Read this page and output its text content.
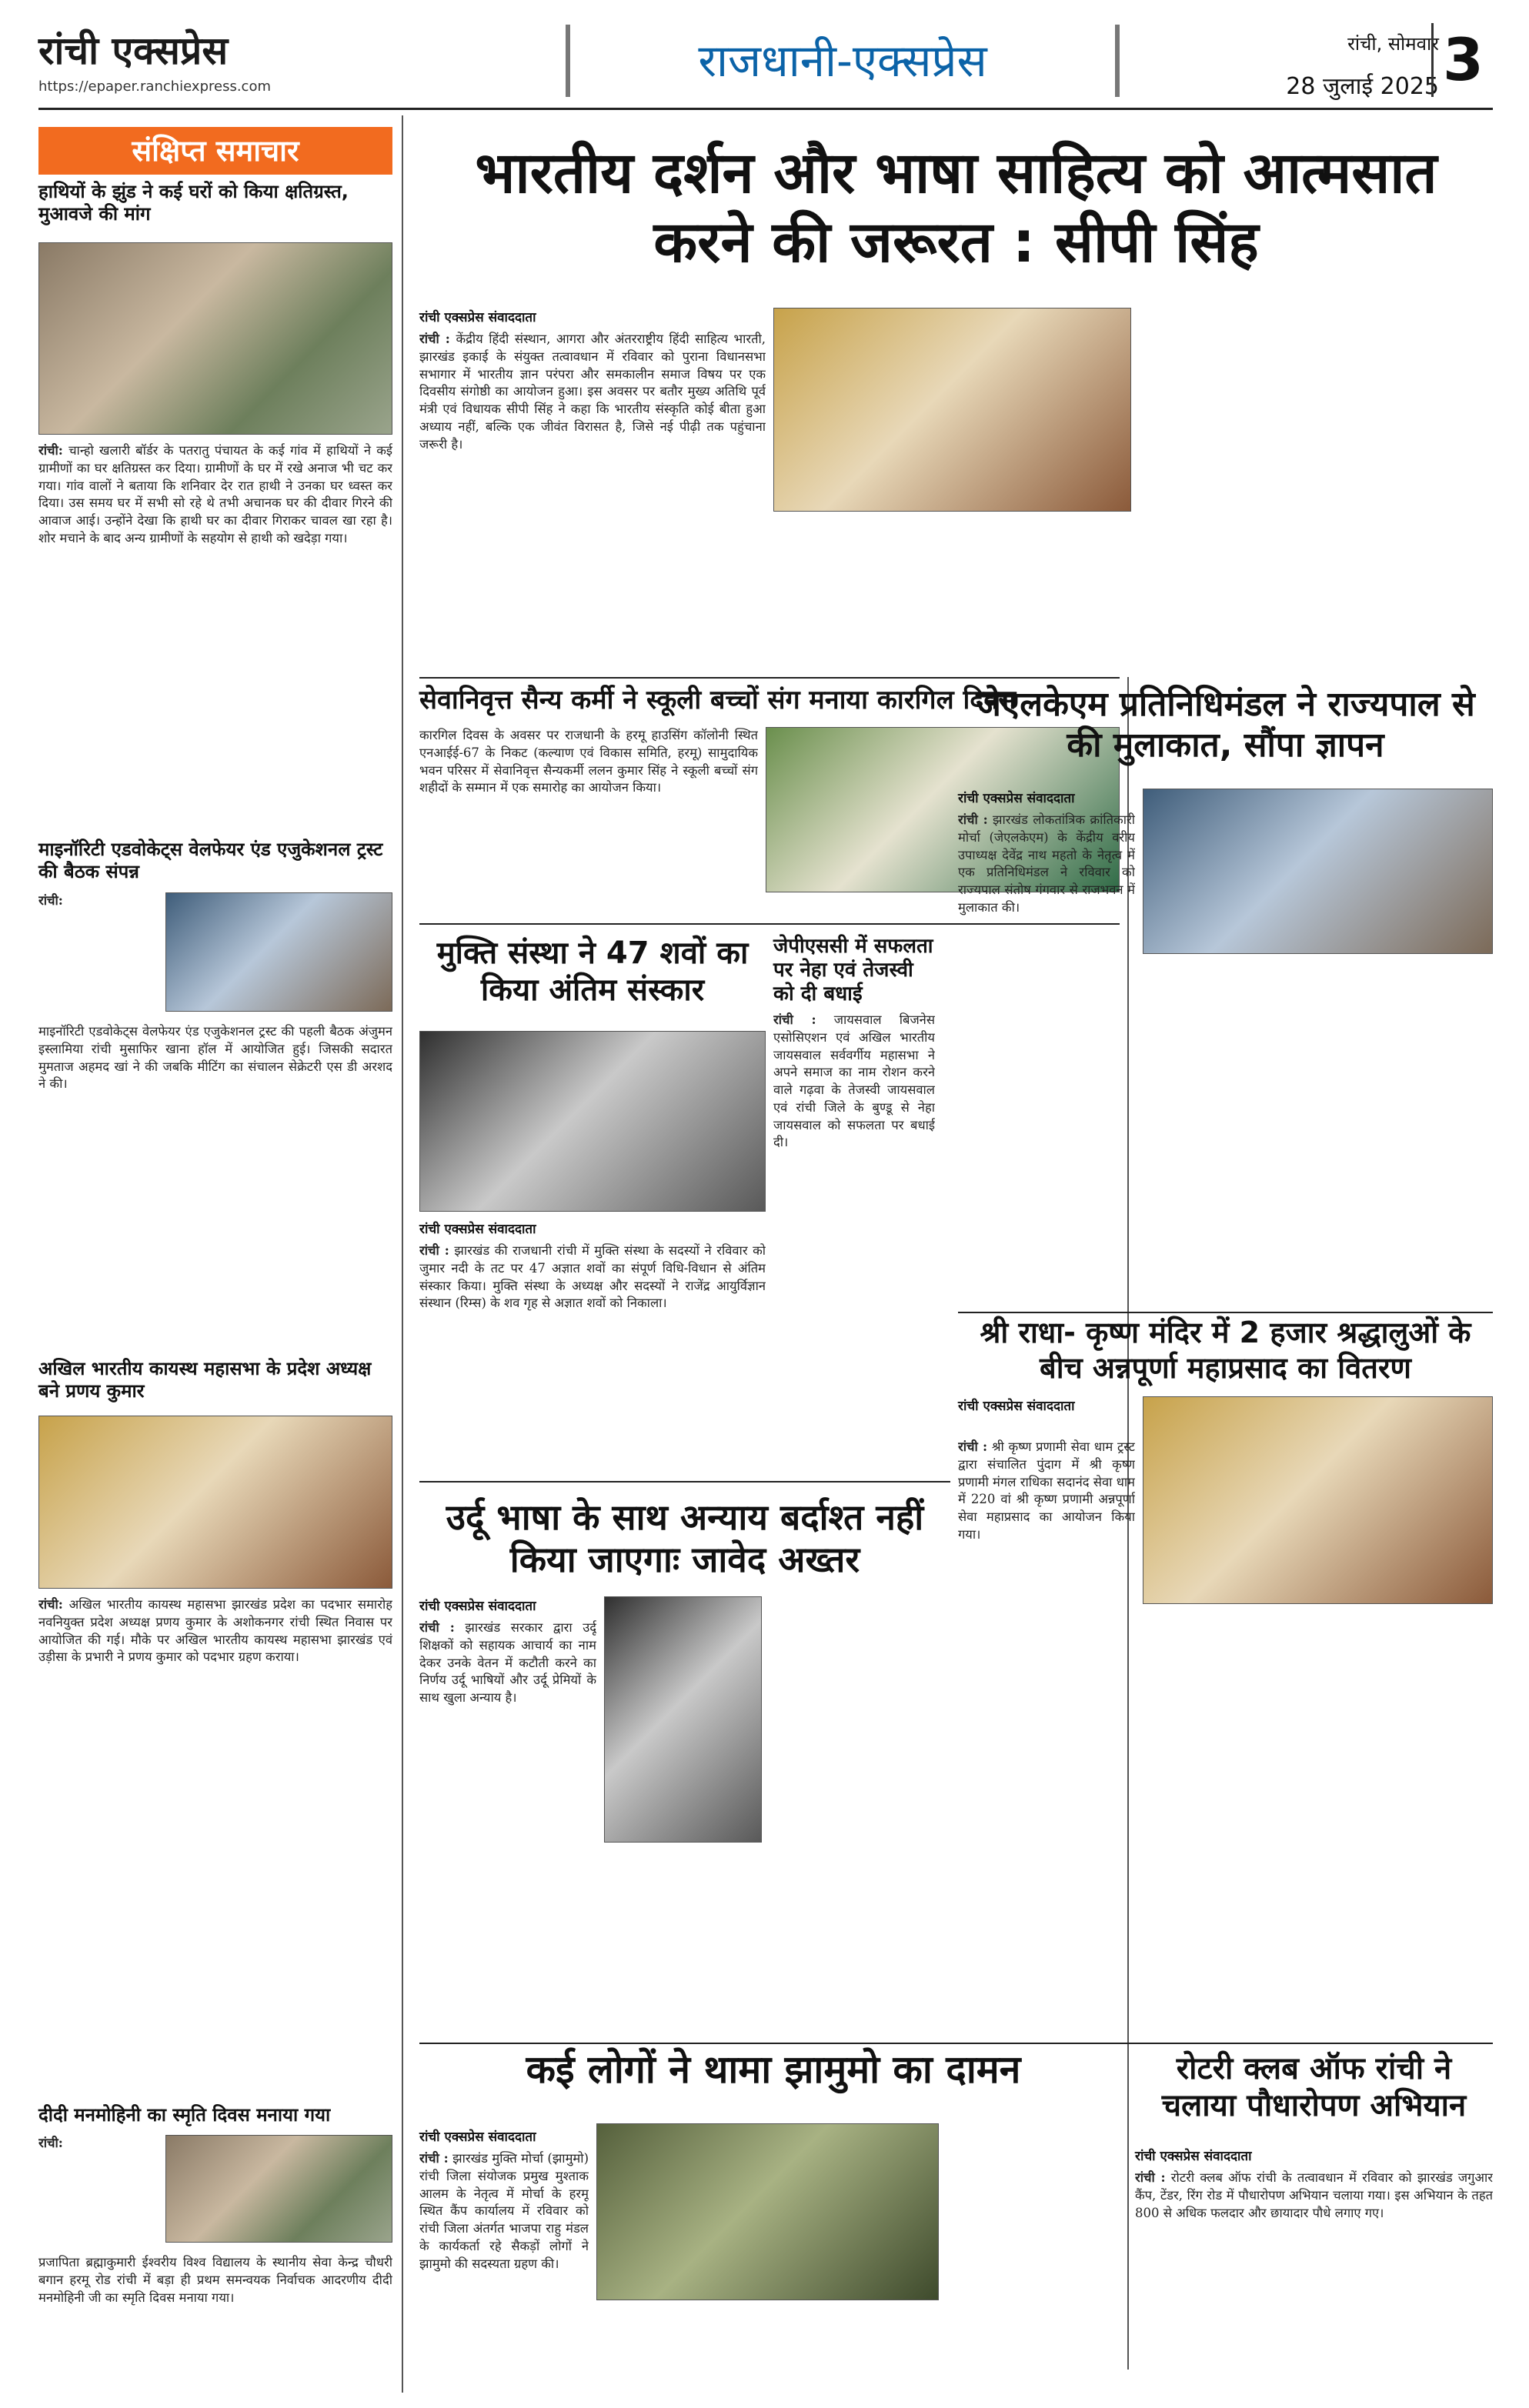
रांची एक्सप्रेस
https://epaper.ranchiexpress.com	राजधानी-एक्सप्रेस	रांची, सोमवार
28 जुलाई 2025 3
संक्षिप्त समाचार
हाथियों के झुंड ने कई घरों को किया क्षतिग्रस्त, मुआवजे की मांग
रांची: चान्हो खलारी बॉर्डर के पतरातु पंचायत के कई गांव में हाथियों ने कई ग्रामीणों का घर क्षतिग्रस्त कर दिया। ग्रामीणों के घर में रखे अनाज भी चट कर गया। गांव वालों ने बताया कि शनिवार देर रात हाथी ने उनका घर ध्वस्त कर दिया। उस समय घर में सभी सो रहे थे तभी अचानक घर की दीवार गिरने की आवाज आई। उन्होंने देखा कि हाथी घर का दीवार गिराकर चावल खा रहा है। शोर मचाने के बाद अन्य ग्रामीणों के सहयोग से हाथी को खदेड़ा गया।
माइनॉरिटी एडवोकेट्स वेलफेयर एंड एजुकेशनल ट्रस्ट की बैठक संपन्न
रांची:
माइनॉरिटी एडवोकेट्स वेलफेयर एंड एजुकेशनल ट्रस्ट की पहली बैठक अंजुमन इस्लामिया रांची मुसाफिर खाना हॉल में आयोजित हुई। जिसकी सदारत मुमताज अहमद खां ने की जबकि मीटिंग का संचालन सेक्रेटरी एस डी अरशद ने की।
अखिल भारतीय कायस्थ महासभा के प्रदेश अध्यक्ष बने प्रणय कुमार
रांची: अखिल भारतीय कायस्थ महासभा झारखंड प्रदेश का पदभार समारोह नवनियुक्त प्रदेश अध्यक्ष प्रणय कुमार के अशोकनगर रांची स्थित निवास पर आयोजित की गई। मौके पर अखिल भारतीय कायस्थ महासभा झारखंड एवं उड़ीसा के प्रभारी ने प्रणय कुमार को पदभार ग्रहण कराया।
दीदी मनमोहिनी का स्मृति दिवस मनाया गया
रांची:
प्रजापिता ब्रह्माकुमारी ईश्वरीय विश्व विद्यालय के स्थानीय सेवा केन्द्र चौधरी बगान हरमू रोड रांची में बड़ा ही प्रथम समन्वयक निर्वाचक आदरणीय दीदी मनमोहिनी जी का स्मृति दिवस मनाया गया।
भारतीय दर्शन और भाषा साहित्य को आत्मसात करने की जरूरत : सीपी सिंह
रांची एक्सप्रेस संवाददाता
रांची : केंद्रीय हिंदी संस्थान, आगरा और अंतरराष्ट्रीय हिंदी साहित्य भारती, झारखंड इकाई के संयुक्त तत्वावधान में रविवार को पुराना विधानसभा सभागार में भारतीय ज्ञान परंपरा और समकालीन समाज विषय पर एक दिवसीय संगोष्ठी का आयोजन हुआ। इस अवसर पर बतौर मुख्य अतिथि पूर्व मंत्री एवं विधायक सीपी सिंह ने कहा कि भारतीय संस्कृति कोई बीता हुआ अध्याय नहीं, बल्कि एक जीवंत विरासत है, जिसे नई पीढ़ी तक पहुंचाना जरूरी है।
सेवानिवृत्त सैन्य कर्मी ने स्कूली बच्चों संग मनाया कारगिल दिवस
कारगिल दिवस के अवसर पर राजधानी के हरमू हाउसिंग कॉलोनी स्थित एनआईई-67 के निकट (कल्याण एवं विकास समिति, हरमू) सामुदायिक भवन परिसर में सेवानिवृत्त सैन्यकर्मी ललन कुमार सिंह ने स्कूली बच्चों संग शहीदों के सम्मान में एक समारोह का आयोजन किया।
मुक्ति संस्था ने 47 शवों का किया अंतिम संस्कार
रांची एक्सप्रेस संवाददाता
रांची : झारखंड की राजधानी रांची में मुक्ति संस्था के सदस्यों ने रविवार को जुमार नदी के तट पर 47 अज्ञात शवों का संपूर्ण विधि-विधान से अंतिम संस्कार किया। मुक्ति संस्था के अध्यक्ष और सदस्यों ने राजेंद्र आयुर्विज्ञान संस्थान (रिम्स) के शव गृह से अज्ञात शवों को निकाला।
जेपीएससी में सफलता पर नेहा एवं तेजस्वी को दी बधाई
रांची : जायसवाल बिजनेस एसोसिएशन एवं अखिल भारतीय जायसवाल सर्ववर्गीय महासभा ने अपने समाज का नाम रोशन करने वाले गढ़वा के तेजस्वी जायसवाल एवं रांची जिले के बुण्डू से नेहा जायसवाल को सफलता पर बधाई दी।
जेएलकेएम प्रतिनिधिमंडल ने राज्यपाल से की मुलाकात, सौंपा ज्ञापन
रांची एक्सप्रेस संवाददाता
रांची : झारखंड लोकतांत्रिक क्रांतिकारी मोर्चा (जेएलकेएम) के केंद्रीय वरीय उपाध्यक्ष देवेंद्र नाथ महतो के नेतृत्व में एक प्रतिनिधिमंडल ने रविवार को राज्यपाल संतोष गंगवार से राजभवन में मुलाकात की।
श्री राधा- कृष्ण मंदिर में 2 हजार श्रद्धालुओं के बीच अन्नपूर्णा महाप्रसाद का वितरण
रांची एक्सप्रेस संवाददाता
रांची : श्री कृष्ण प्रणामी सेवा धाम ट्रस्ट द्वारा संचालित पुंदाग में श्री कृष्ण प्रणामी मंगल राधिका सदानंद सेवा धाम में 220 वां श्री कृष्ण प्रणामी अन्नपूर्णा सेवा महाप्रसाद का आयोजन किया गया।
उर्दू भाषा के साथ अन्याय बर्दाश्त नहीं किया जाएगाः जावेद अख्तर
रांची एक्सप्रेस संवाददाता
रांची : झारखंड सरकार द्वारा उर्दू शिक्षकों को सहायक आचार्य का नाम देकर उनके वेतन में कटौती करने का निर्णय उर्दू भाषियों और उर्दू प्रेमियों के साथ खुला अन्याय है।
कई लोगों ने थामा झामुमो का दामन
रांची एक्सप्रेस संवाददाता
रांची : झारखंड मुक्ति मोर्चा (झामुमो) रांची जिला संयोजक प्रमुख मुश्ताक आलम के नेतृत्व में मोर्चा के हरमू स्थित कैंप कार्यालय में रविवार को रांची जिला अंतर्गत भाजपा राहु मंडल के कार्यकर्ता रहे सैकड़ों लोगों ने झामुमो की सदस्यता ग्रहण की।
रोटरी क्लब ऑफ रांची ने चलाया पौधारोपण अभियान
रांची एक्सप्रेस संवाददाता
रांची : रोटरी क्लब ऑफ रांची के तत्वावधान में रविवार को झारखंड जगुआर कैंप, टेंडर, रिंग रोड में पौधारोपण अभियान चलाया गया। इस अभियान के तहत 800 से अधिक फलदार और छायादार पौधे लगाए गए।
